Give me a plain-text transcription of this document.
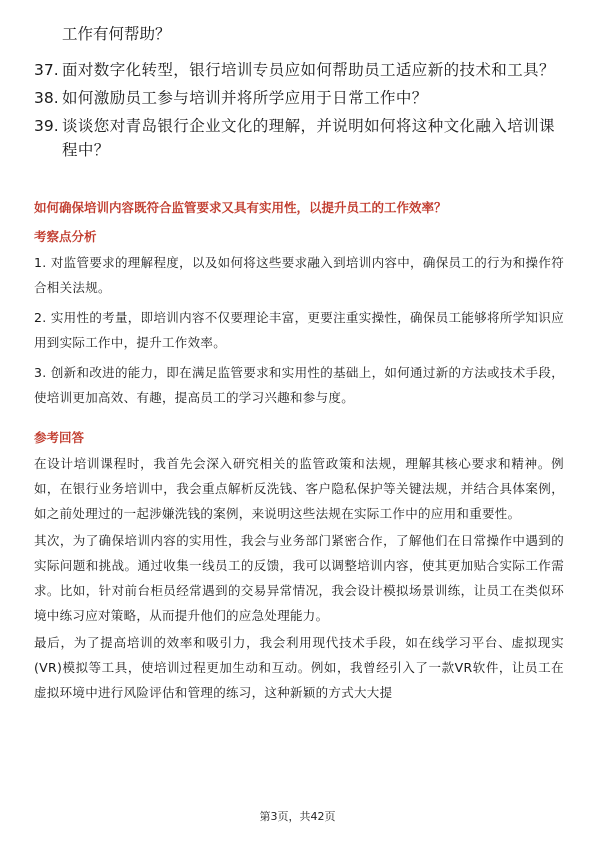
工作有何帮助？
37. 面对数字化转型，银行培训专员应如何帮助员工适应新的技术和工具？
38. 如何激励员工参与培训并将所学应用于日常工作中？
39. 谈谈您对青岛银行企业文化的理解，并说明如何将这种文化融入培训课程中？
如何确保培训内容既符合监管要求又具有实用性，以提升员工的工作效率？
考察点分析
1. 对监管要求的理解程度，以及如何将这些要求融入到培训内容中，确保员工的行为和操作符合相关法规。
2. 实用性的考量，即培训内容不仅要理论丰富，更要注重实操性，确保员工能够将所学知识应用到实际工作中，提升工作效率。
3. 创新和改进的能力，即在满足监管要求和实用性的基础上，如何通过新的方法或技术手段，使培训更加高效、有趣，提高员工的学习兴趣和参与度。
参考回答
在设计培训课程时，我首先会深入研究相关的监管政策和法规，理解其核心要求和精神。例如，在银行业务培训中，我会重点解析反洗钱、客户隐私保护等关键法规，并结合具体案例，如之前处理过的一起涉嫌洗钱的案例，来说明这些法规在实际工作中的应用和重要性。
其次，为了确保培训内容的实用性，我会与业务部门紧密合作，了解他们在日常操作中遇到的实际问题和挑战。通过收集一线员工的反馈，我可以调整培训内容，使其更加贴合实际工作需求。比如，针对前台柜员经常遇到的交易异常情况，我会设计模拟场景训练，让员工在类似环境中练习应对策略，从而提升他们的应急处理能力。
最后，为了提高培训的效率和吸引力，我会利用现代技术手段，如在线学习平台、虚拟现实(VR)模拟等工具，使培训过程更加生动和互动。例如，我曾经引入了一款VR软件，让员工在虚拟环境中进行风险评估和管理的练习，这种新颖的方式大大提
第3页，共42页
